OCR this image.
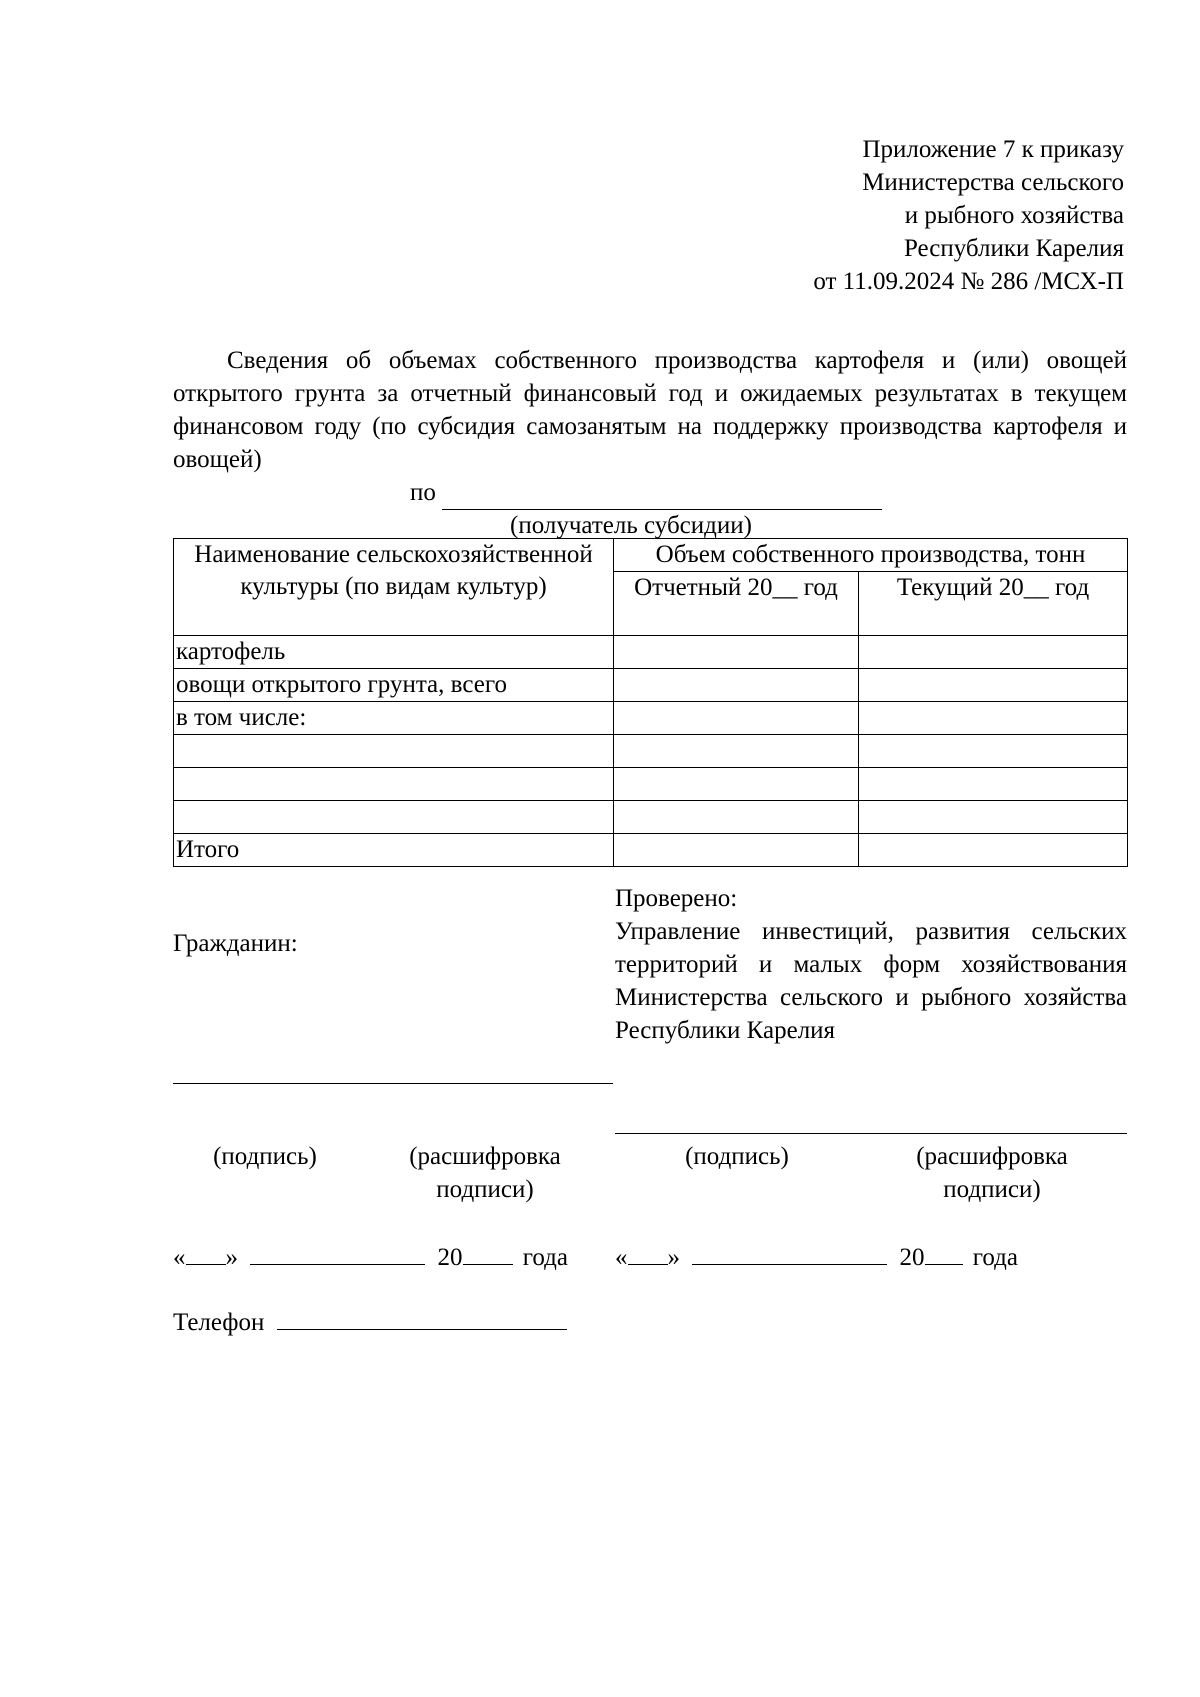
Приложение 7 к приказу
Министерства сельского
и рыбного хозяйства
Республики Карелия
от 11.09.2024 № 286 /МСХ-П

Сведения об объемах собственного производства картофеля и (или) овощей открытого грунта за отчетный финансовый год и ожидаемых результатах в текущем финансовом году (по субсидия самозанятым на поддержку производства картофеля и овощей)

по
(получатель субсидии)
Наименование сельскохозяйственной культуры (по видам культур)	Объем собственного производства, тонн	
	Отчетный 20__ год	Текущий 20__ год
картофель		
овощи открытого грунта, всего		
в том числе:		

Итого		
Проверено:
Управление инвестиций, развития сельских территорий и малых форм хозяйствования Министерства сельского и рыбного хозяйства Республики Карелия
Гражданин:
(подпись)	(расшифровка подписи)
(подпись)	(расшифровка подписи)
« »	20 года « »	20 года
Телефон
